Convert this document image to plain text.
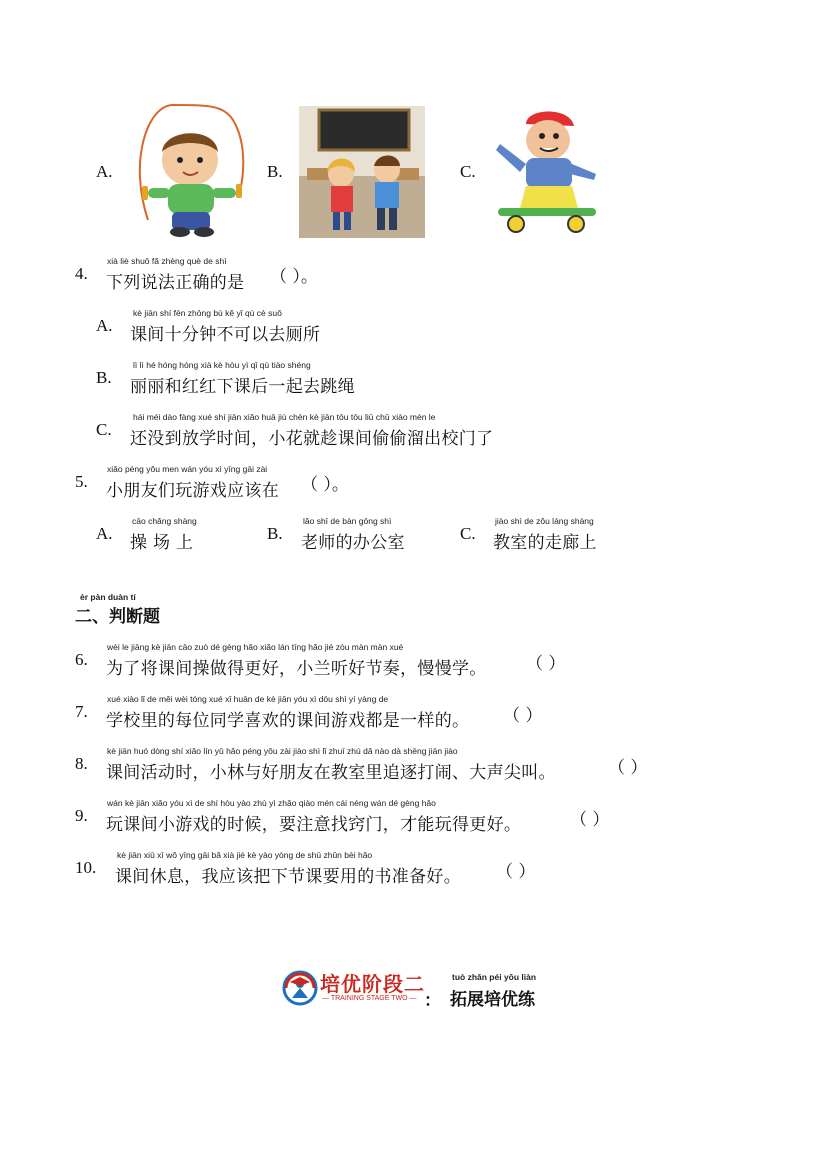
A.	B.	C.
xià liè shuō fǎ zhèng què de shì
4. 下列说法正确的是 （ ）。
kè jiān shí fēn zhōng bù kě yǐ qù cè suǒ
A. 课间十分钟不可以去厕所
lì lì hé hóng hóng xià kè hòu yì qǐ qù tiào shéng
B. 丽丽和红红下课后一起去跳绳
hái méi dào fàng xué shí jiān xiǎo huā jiù chèn kè jiān tōu tōu liū chū xiào mén le
C. 还没到放学时间，小花就趁课间偷偷溜出校门了
xiǎo péng yǒu men wán yóu xì yīng gāi zài
5. 小朋友们玩游戏应该在 （ ）。
cāo chǎng shàng
A. 操 场 上
lǎo shī de bàn gōng shì
B. 老师的办公室
jiào shì de zǒu láng shàng
C. 教室的走廊上
èr pàn duàn tí
二、判断题
wèi le jiāng kè jiān cāo zuò dé gèng hǎo xiǎo lán tīng hǎo jié zòu màn màn xué
6. 为了将课间操做得更好，小兰听好节奏，慢慢学。 （ ）
xué xiào lǐ de měi wèi tóng xué xǐ huān de kè jiān yóu xì dōu shì yí yàng de
7. 学校里的每位同学喜欢的课间游戏都是一样的。 （ ）
kè jiān huó dòng shí xiǎo lín yǔ hǎo péng yǒu zài jiào shì lǐ zhuī zhú dǎ nào dà shēng jiān jiào
8. 课间活动时，小林与好朋友在教室里追逐打闹、大声尖叫。	（ ）
wán kè jiān xiǎo yóu xì de shí hòu yào zhù yì zhǎo qiào mén cái néng wán dé gèng hǎo
9. 玩课间小游戏的时候，要注意找窍门，才能玩得更好。	（ ）
kè jiān xiū xī wǒ yīng gāi bǎ xià jié kè yào yòng de shū zhǔn bèi hǎo
10. 课间休息，我应该把下节课要用的书准备好。 （ ）
培优阶段二
— TRAINING STAGE TWO — ：
tuò zhǎn péi yōu liàn
拓展培优练
